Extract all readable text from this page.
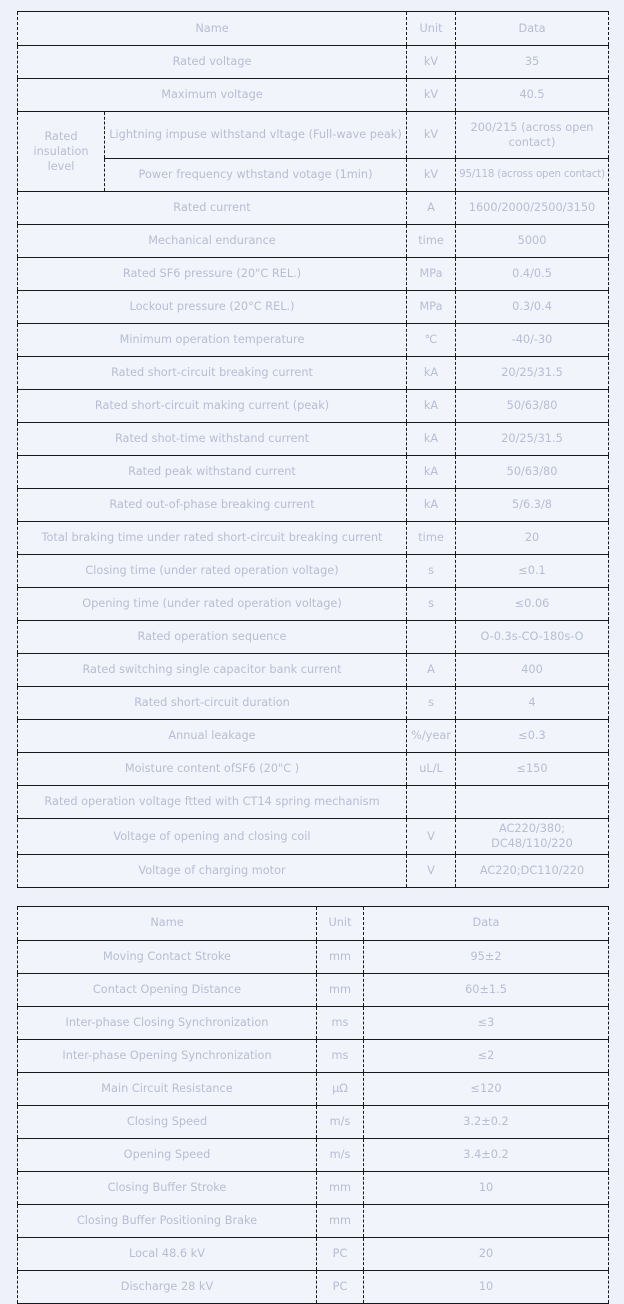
Name		Unit	Data
Rated voltage		kV	35
Maximum voltage		kV	40.5
Rated insulation level	Lightning impuse withstand vltage (Full-wave peak)	kV	200/215 (across open contact)
	Power frequency wthstand votage (1min)	kV	95/118 (across open contact)
Rated current		A	1600/2000/2500/3150
Mechanical endurance		time	5000
Rated SF6 pressure (20"C REL.)		MPa	0.4/0.5
Lockout pressure (20°C REL.)		MPa	0.3/0.4
Minimum operation temperature		℃	-40/-30
Rated short-circuit breaking current		kA	20/25/31.5
Rated short-circuit making current (peak)		kA	50/63/80
Rated shot-time withstand current		kA	20/25/31.5
Rated peak withstand current		kA	50/63/80
Rated out-of-phase breaking current		kA	5/6.3/8
Total braking time under rated short-circuit breaking current		time	20
Closing time (under rated operation voltage)		s	≤0.1
Opening time (under rated operation voltage)		s	≤0.06
Rated operation sequence			O-0.3s-CO-180s-O
Rated switching single capacitor bank current		A	400
Rated short-circuit duration		s	4
Annual leakage		%/year	≤0.3
Moisture content ofSF6 (20"C )		uL/L	≤150
Rated operation voltage ftted with CT14 spring mechanism			
Voltage of opening and closing coil		V	AC220/380; DC48/110/220
Voltage of charging motor		V	AC220;DC110/220
Name	Unit	Data
Moving Contact Stroke	mm	95±2
Contact Opening Distance	mm	60±1.5
Inter-phase Closing Synchronization	ms	≤3
Inter-phase Opening Synchronization	ms	≤2
Main Circuit Resistance	μΩ	≤120
Closing Speed	m/s	3.2±0.2
Opening Speed	m/s	3.4±0.2
Closing Buffer Stroke	mm	10
Closing Buffer Positioning Brake	mm	
Local 48.6 kV	PC	20
Discharge 28 kV	PC	10
